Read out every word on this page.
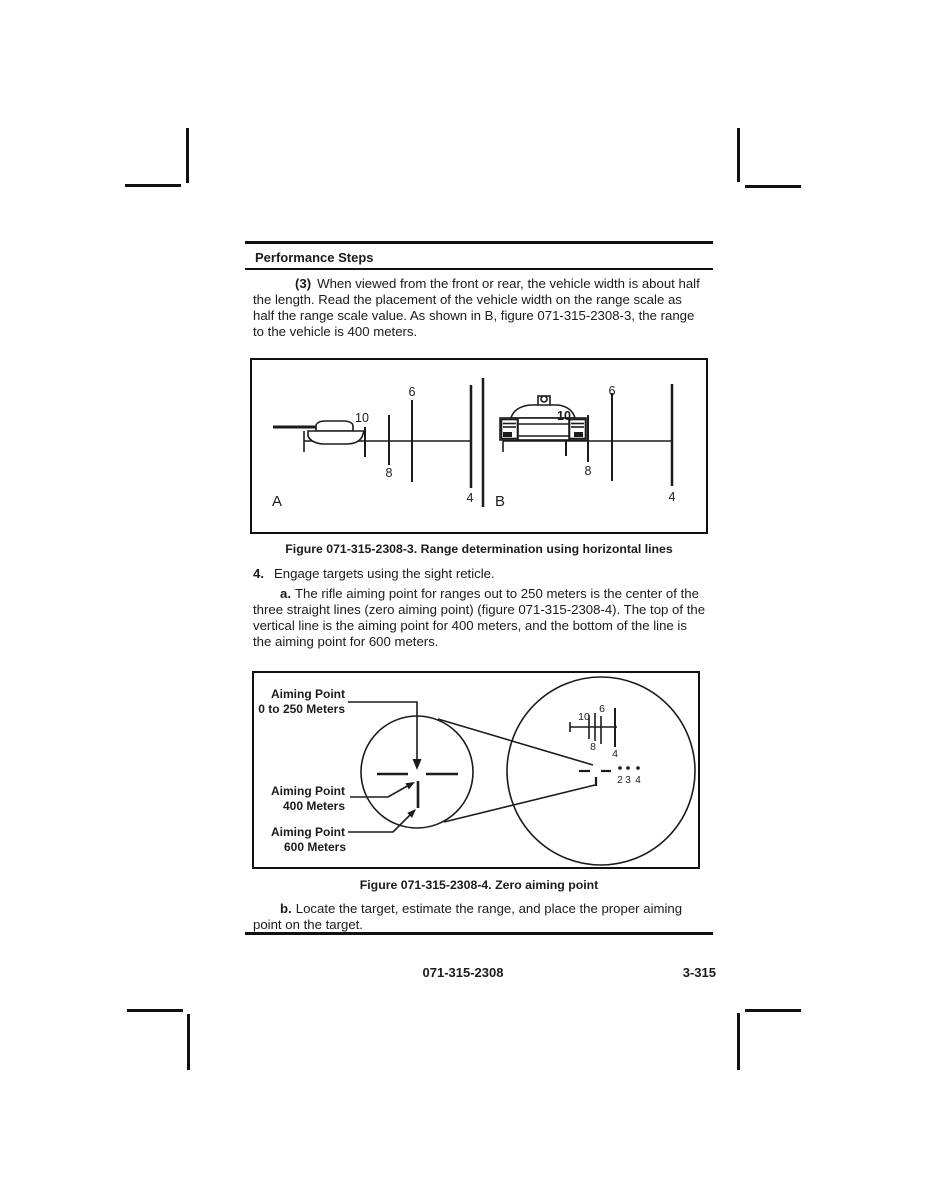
Performance Steps
(3) When viewed from the front or rear, the vehicle width is about half the length. Read the placement of the vehicle width on the range scale as half the range scale value. As shown in B, figure 071-315-2308-3, the range to the vehicle is 400 meters.
10
8
6
4
A
10
8
6
4
B
Figure 071-315-2308-3. Range determination using horizontal lines
4. Engage targets using the sight reticle.
a. The rifle aiming point for ranges out to 250 meters is the center of the three straight lines (zero aiming point) (figure 071-315-2308-4). The top of the vertical line is the aiming point for 400 meters, and the bottom of the line is the aiming point for 600 meters.
Aiming Point
0 to 250 Meters
Aiming Point
400 Meters
Aiming Point
600 Meters
10
6
8
4
2 3 4
Figure 071-315-2308-4. Zero aiming point
b. Locate the target, estimate the range, and place the proper aiming point on the target.
071-315-2308	3-315
